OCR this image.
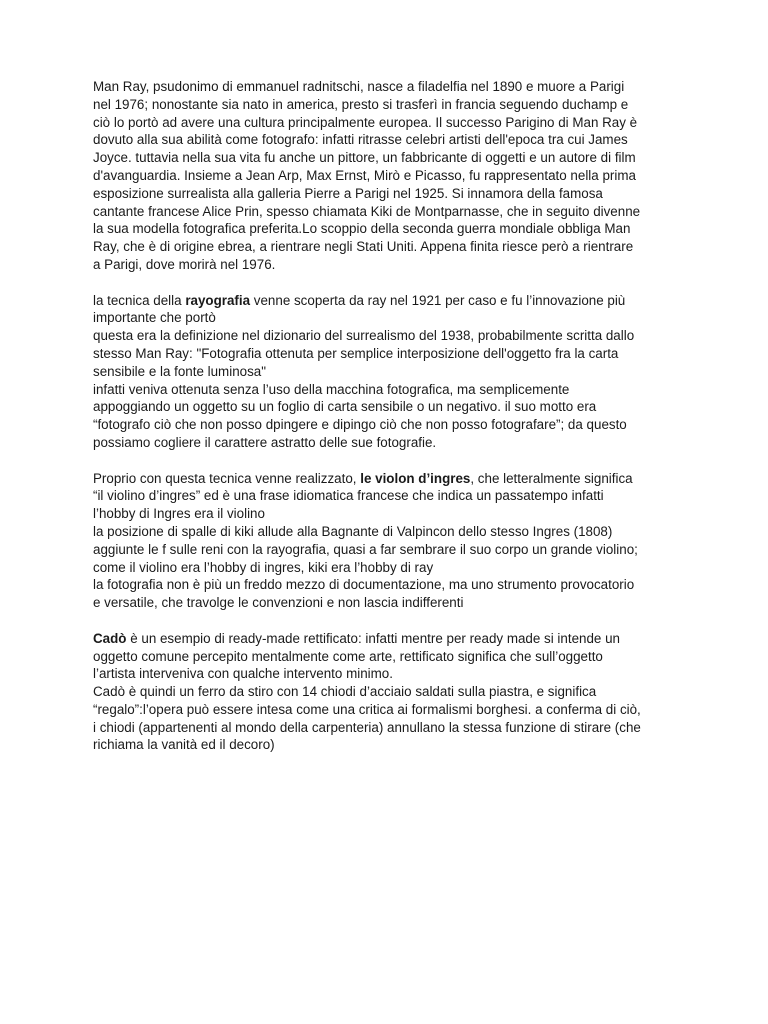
Man Ray, psudonimo di emmanuel radnitschi, nasce a filadelfia nel 1890 e muore a Parigi
nel 1976; nonostante sia nato in america, presto si trasferì in francia seguendo duchamp e
ciò lo portò ad avere una cultura principalmente europea. Il successo Parigino di Man Ray è
dovuto alla sua abilità come fotografo: infatti ritrasse celebri artisti dell'epoca tra cui James
Joyce. tuttavia nella sua vita fu anche un pittore, un fabbricante di oggetti e un autore di film
d'avanguardia. Insieme a Jean Arp, Max Ernst, Mirò e Picasso, fu rappresentato nella prima
esposizione surrealista alla galleria Pierre a Parigi nel 1925. Si innamora della famosa
cantante francese Alice Prin, spesso chiamata Kiki de Montparnasse, che in seguito divenne
la sua modella fotografica preferita.Lo scoppio della seconda guerra mondiale obbliga Man
Ray, che è di origine ebrea, a rientrare negli Stati Uniti. Appena finita riesce però a rientrare
a Parigi, dove morirà nel 1976.
la tecnica della rayografia venne scoperta da ray nel 1921 per caso e fu l’innovazione più
importante che portò
questa era la definizione nel dizionario del surrealismo del 1938, probabilmente scritta dallo
stesso Man Ray: "Fotografia ottenuta per semplice interposizione dell'oggetto fra la carta
sensibile e la fonte luminosa"
infatti veniva ottenuta senza l’uso della macchina fotografica, ma semplicemente
appoggiando un oggetto su un foglio di carta sensibile o un negativo. il suo motto era
“fotografo ciò che non posso dpingere e dipingo ciò che non posso fotografare”; da questo
possiamo cogliere il carattere astratto delle sue fotografie.
Proprio con questa tecnica venne realizzato, le violon d’ingres, che letteralmente significa
“il violino d’ingres” ed è una frase idiomatica francese che indica un passatempo infatti
l’hobby di Ingres era il violino
la posizione di spalle di kiki allude alla Bagnante di Valpincon dello stesso Ingres (1808)
aggiunte le f sulle reni con la rayografia, quasi a far sembrare il suo corpo un grande violino;
come il violino era l’hobby di ingres, kiki era l’hobby di ray
la fotografia non è più un freddo mezzo di documentazione, ma uno strumento provocatorio
e versatile, che travolge le convenzioni e non lascia indifferenti
Cadò è un esempio di ready-made rettificato: infatti mentre per ready made si intende un
oggetto comune percepito mentalmente come arte, rettificato significa che sull’oggetto
l’artista interveniva con qualche intervento minimo.
Cadò è quindi un ferro da stiro con 14 chiodi d’acciaio saldati sulla piastra, e significa
“regalo”:l’opera può essere intesa come una critica ai formalismi borghesi. a conferma di ciò,
i chiodi (appartenenti al mondo della carpenteria) annullano la stessa funzione di stirare (che
richiama la vanità ed il decoro)
